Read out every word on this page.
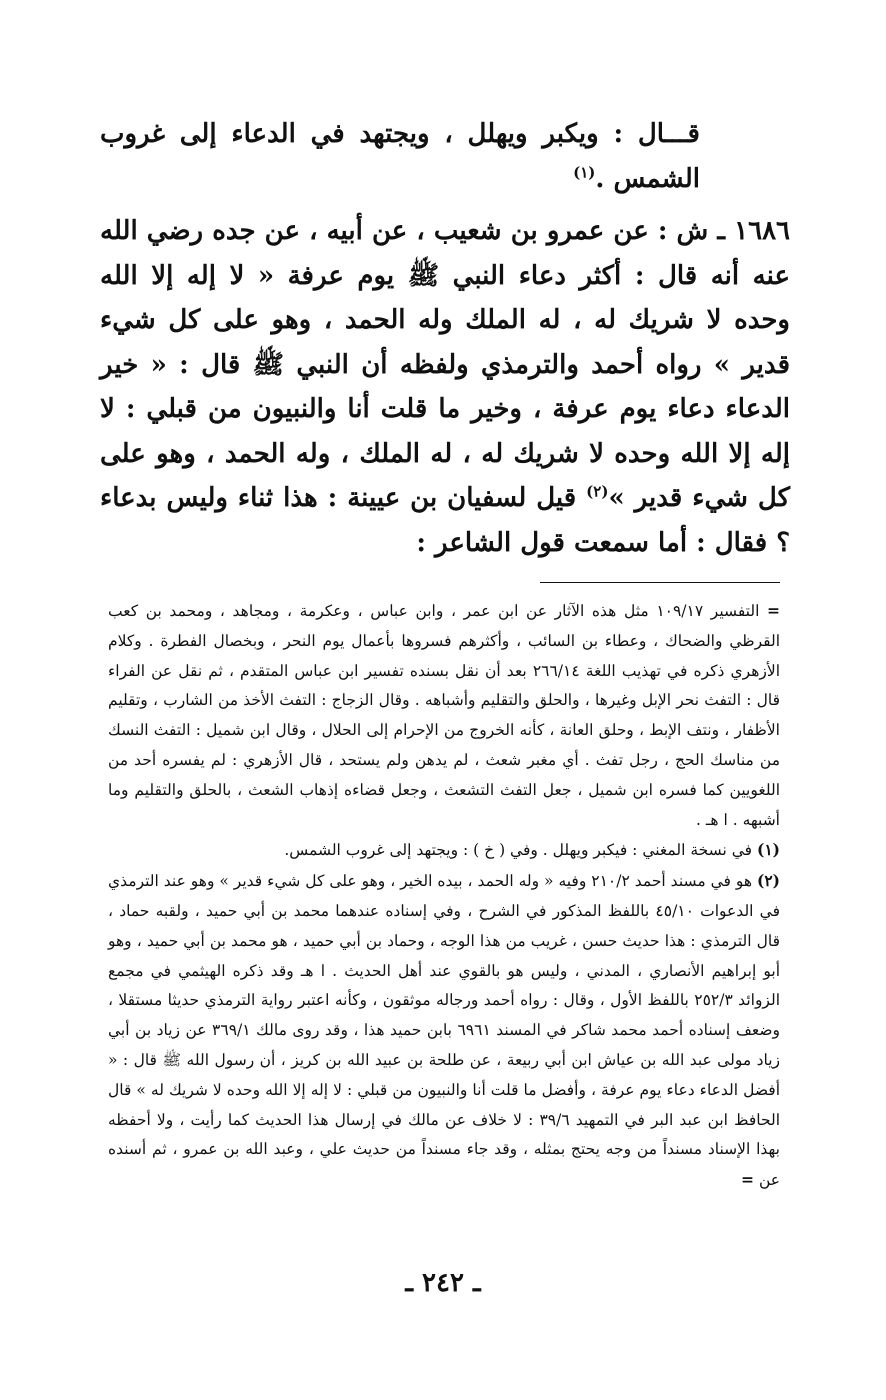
قـــال : ويكبر ويهلل ، ويجتهد في الدعاء إلى غروب الشمس .$^{(١)}$

١٦٨٦ ـ ش : عن عمرو بن شعيب ، عن أبيه ، عن جده رضي الله عنه أنه قال : أكثر دعاء النبي ﷺ يوم عرفة « لا إله إلا الله وحده لا شريك له ، له الملك وله الحمد ، وهو على كل شيء قدير » رواه أحمد والترمذي ولفظه أن النبي ﷺ قال : « خير الدعاء دعاء يوم عرفة ، وخير ما قلت أنا والنبيون من قبلي : لا إله إلا الله وحده لا شريك له ، له الملك ، وله الحمد ، وهو على كل شيء قدير »$^{(٢)}$ قيل لسفيان بن عيينة : هذا ثناء وليس بدعاء ؟ فقال : أما سمعت قول الشاعر :

= التفسير ١٠٩/١٧ مثل هذه الآثار عن ابن عمر ، وابن عباس ، وعكرمة ، ومجاهد ، ومحمد بن كعب القرظي والضحاك ، وعطاء بن السائب ، وأكثرهم فسروها بأعمال يوم النحر ، وبخصال الفطرة . وكلام الأزهري ذكره في تهذيب اللغة ٢٦٦/١٤ بعد أن نقل بسنده تفسير ابن عباس المتقدم ، ثم نقل عن الفراء قال : التفث نحر الإبل وغيرها ، والحلق والتقليم وأشباهه . وقال الزجاج : التفث الأخذ من الشارب ، وتقليم الأظفار ، ونتف الإبط ، وحلق العانة ، كأنه الخروج من الإحرام إلى الحلال ، وقال ابن شميل : التفث النسك من مناسك الحج ، رجل تفث . أي مغبر شعث ، لم يدهن ولم يستحد ، قال الأزهري : لم يفسره أحد من اللغويين كما فسره ابن شميل ، جعل التفث التشعث ، وجعل قضاءه إذهاب الشعث ، بالحلق والتقليم وما أشبهه . ا هـ .

(١) في نسخة المغني : فيكبر ويهلل . وفي ( خ ) : ويجتهد إلى غروب الشمس.

(٢) هو في مسند أحمد ٢١٠/٢ وفيه « وله الحمد ، بيده الخير ، وهو على كل شيء قدير » وهو عند الترمذي في الدعوات ٤٥/١٠ باللفظ المذكور في الشرح ، وفي إسناده عندهما محمد بن أبي حميد ، ولقبه حماد ، قال الترمذي : هذا حديث حسن ، غريب من هذا الوجه ، وحماد بن أبي حميد ، هو محمد بن أبي حميد ، وهو أبو إبراهيم الأنصاري ، المدني ، وليس هو بالقوي عند أهل الحديث . ا هـ وقد ذكره الهيثمي في مجمع الزوائد ٢٥٢/٣ باللفظ الأول ، وقال : رواه أحمد ورجاله موثقون ، وكأنه اعتبر رواية الترمذي حديثا مستقلا ، وضعف إسناده أحمد محمد شاكر في المسند ٦٩٦١ بابن حميد هذا ، وقد روى مالك ٣٦٩/١ عن زياد بن أبي زياد مولى عبد الله بن عياش ابن أبي ربيعة ، عن طلحة بن عبيد الله بن كريز ، أن رسول الله ﷺ قال : « أفضل الدعاء دعاء يوم عرفة ، وأفضل ما قلت أنا والنبيون من قبلي : لا إله إلا الله وحده لا شريك له » قال الحافظ ابن عبد البر في التمهيد ٣٩/٦ : لا خلاف عن مالك في إرسال هذا الحديث كما رأيت ، ولا أحفظه بهذا الإسناد مسنداً من وجه يحتج بمثله ، وقد جاء مسنداً من حديث علي ، وعبد الله بن عمرو ، ثم أسنده عن =

ـ ٢٤٢ ـ
